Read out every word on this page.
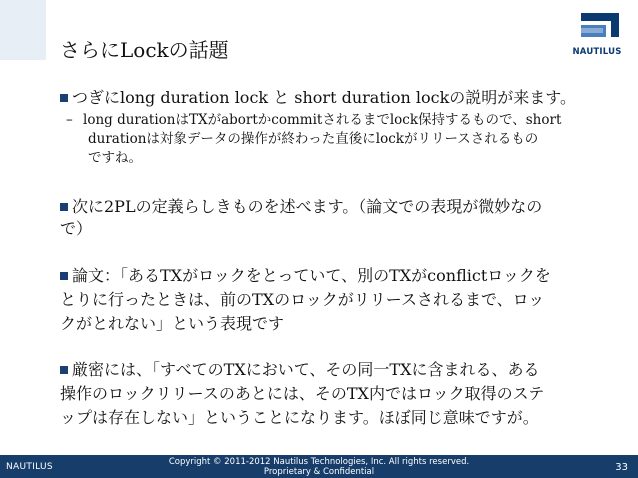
さらにLockの話題	NAUTILUS
つぎにlong duration lock と short duration lockの説明が来ます。
– long durationはTXがabortかcommitされるまでlock保持するもので、short
durationは対象データの操作が終わった直後にlockがリリースされるもの
ですね。
次に2PLの定義らしきものを述べます。（論文での表現が微妙なの
で）
論文：「あるTXがロックをとっていて、別のTXがconflictロックを
とりに行ったときは、前のTXのロックがリリースされるまで、ロッ
クがとれない」という表現です
厳密には、「すべてのTXにおいて、その同一TXに含まれる、ある
操作のロックリリースのあとには、そのTX内ではロック取得のステ
ップは存在しない」ということになります。ほぼ同じ意味ですが。
NAUTILUS	Copyright © 2011-2012 Nautilus Technologies, Inc. All rights reserved.
Proprietary & Confidential	33
